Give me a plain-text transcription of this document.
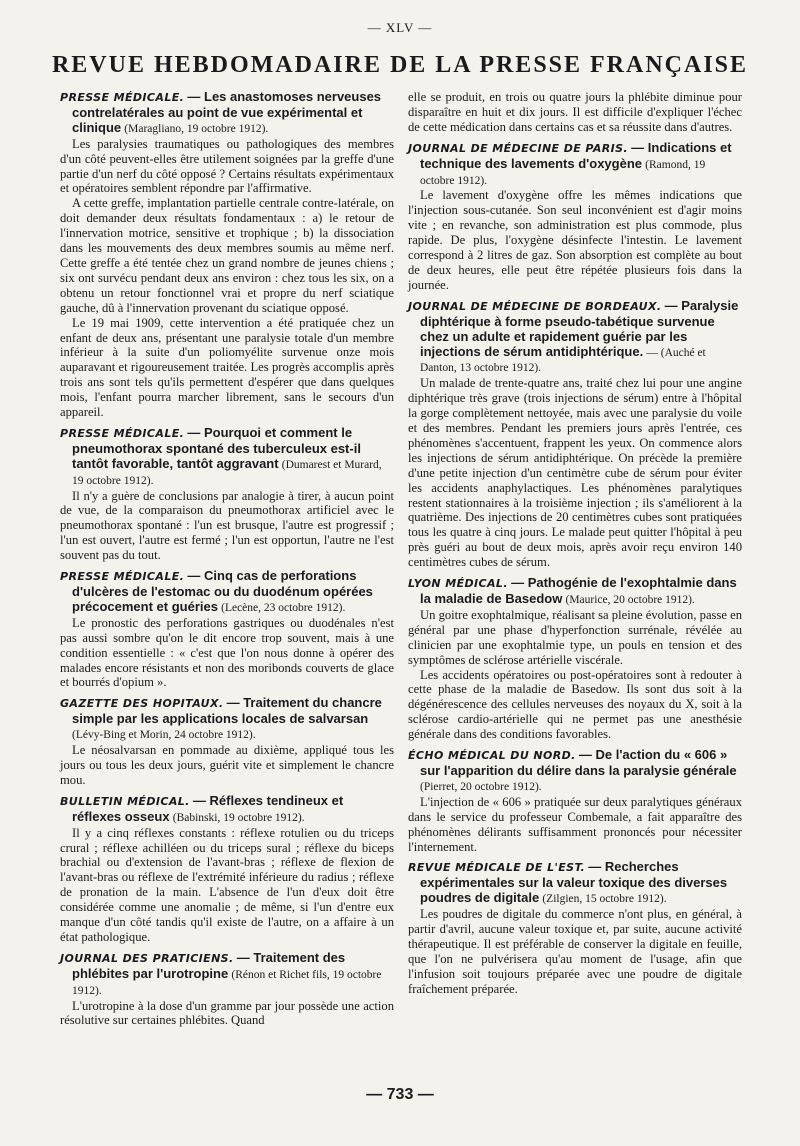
— XLV —
REVUE HEBDOMADAIRE DE LA PRESSE FRANÇAISE
PRESSE MÉDICALE. — Les anastomoses nerveuses contrelatérales au point de vue expérimental et clinique (Maragliano, 19 octobre 1912).

Les paralysies traumatiques ou pathologiques des membres d'un côté peuvent-elles être utilement soignées par la greffe d'une partie d'un nerf du côté opposé ? Certains résultats expérimentaux et opératoires semblent répondre par l'affirmative.

A cette greffe, implantation partielle centrale contre-latérale, on doit demander deux résultats fondamentaux : a) le retour de l'innervation motrice, sensitive et trophique ; b) la dissociation dans les mouvements des deux membres soumis au même nerf. Cette greffe a été tentée chez un grand nombre de jeunes chiens ; six ont survécu pendant deux ans environ : chez tous les six, on a obtenu un retour fonctionnel vrai et propre du nerf sciatique gauche, dû à l'innervation provenant du sciatique opposé.

Le 19 mai 1909, cette intervention a été pratiquée chez un enfant de deux ans, présentant une paralysie totale d'un membre inférieur à la suite d'un poliomyélite survenue onze mois auparavant et rigoureusement traitée. Les progrès accomplis après trois ans sont tels qu'ils permettent d'espérer que dans quelques mois, l'enfant pourra marcher librement, sans le secours d'un appareil.

PRESSE MÉDICALE. — Pourquoi et comment le pneumothorax spontané des tuberculeux est-il tantôt favorable, tantôt aggravant (Dumarest et Murard, 19 octobre 1912).

Il n'y a guère de conclusions par analogie à tirer, à aucun point de vue, de la comparaison du pneumothorax artificiel avec le pneumothorax spontané : l'un est brusque, l'autre est progressif ; l'un est ouvert, l'autre est fermé ; l'un est opportun, l'autre ne l'est souvent pas du tout.

PRESSE MÉDICALE. — Cinq cas de perforations d'ulcères de l'estomac ou du duodénum opérées précocement et guéries (Lecène, 23 octobre 1912).

Le pronostic des perforations gastriques ou duodénales n'est pas aussi sombre qu'on le dit encore trop souvent, mais à une condition essentielle : « c'est que l'on nous donne à opérer des malades encore résistants et non des moribonds couverts de glace et bourrés d'opium ».

GAZETTE DES HOPITAUX. — Traitement du chancre simple par les applications locales de salvarsan (Lévy-Bing et Morin, 24 octobre 1912).

Le néosalvarsan en pommade au dixième, appliqué tous les jours ou tous les deux jours, guérit vite et simplement le chancre mou.

BULLETIN MÉDICAL. — Réflexes tendineux et réflexes osseux (Babinski, 19 octobre 1912).

Il y a cinq réflexes constants : réflexe rotulien ou du triceps crural ; réflexe achilléen ou du triceps sural ; réflexe du biceps brachial ou d'extension de l'avant-bras ; réflexe de flexion de l'avant-bras ou réflexe de l'extrémité inférieure du radius ; réflexe de pronation de la main. L'absence de l'un d'eux doit être considérée comme une anomalie ; de même, si l'un d'entre eux manque d'un côté tandis qu'il existe de l'autre, on a affaire à un état pathologique.

JOURNAL DES PRATICIENS. — Traitement des phlébites par l'urotropine (Rénon et Richet fils, 19 octobre 1912).

L'urotropine à la dose d'un gramme par jour possède une action résolutive sur certaines phlébites. Quand

elle se produit, en trois ou quatre jours la phlébite diminue pour disparaître en huit et dix jours. Il est difficile d'expliquer l'échec de cette médication dans certains cas et sa réussite dans d'autres.

JOURNAL DE MÉDECINE DE PARIS. — Indications et technique des lavements d'oxygène (Ramond, 19 octobre 1912).

Le lavement d'oxygène offre les mêmes indications que l'injection sous-cutanée. Son seul inconvénient est d'agir moins vite ; en revanche, son administration est plus commode, plus rapide. De plus, l'oxygène désinfecte l'intestin. Le lavement correspond à 2 litres de gaz. Son absorption est complète au bout de deux heures, elle peut être répétée plusieurs fois dans la journée.

JOURNAL DE MÉDECINE DE BORDEAUX. — Paralysie diphtérique à forme pseudo-tabétique survenue chez un adulte et rapidement guérie par les injections de sérum antidiphtérique. — (Auché et Danton, 13 octobre 1912).

Un malade de trente-quatre ans, traité chez lui pour une angine diphtérique très grave (trois injections de sérum) entre à l'hôpital la gorge complètement nettoyée, mais avec une paralysie du voile et des membres. Pendant les premiers jours après l'entrée, ces phénomènes s'accentuent, frappent les yeux. On commence alors les injections de sérum antidiphtérique. On précède la première d'une petite injection d'un centimètre cube de sérum pour éviter les accidents anaphylactiques. Les phénomènes paralytiques restent stationnaires à la troisième injection ; ils s'améliorent à la quatrième. Des injections de 20 centimètres cubes sont pratiquées tous les quatre à cinq jours. Le malade peut quitter l'hôpital à peu près guéri au bout de deux mois, après avoir reçu environ 140 centimètres cubes de sérum.

LYON MÉDICAL. — Pathogénie de l'exophtalmie dans la maladie de Basedow (Maurice, 20 octobre 1912).

Un goitre exophtalmique, réalisant sa pleine évolution, passe en général par une phase d'hyperfonction surrénale, révélée au clinicien par une exophtalmie type, un pouls en tension et des symptômes de sclérose artérielle viscérale.

Les accidents opératoires ou post-opératoires sont à redouter à cette phase de la maladie de Basedow. Ils sont dus soit à la dégénérescence des cellules nerveuses des noyaux du X, soit à la sclérose cardio-artérielle qui ne permet pas une anesthésie générale dans des conditions favorables.

ÉCHO MÉDICAL DU NORD. — De l'action du « 606 » sur l'apparition du délire dans la paralysie générale (Pierret, 20 octobre 1912).

L'injection de « 606 » pratiquée sur deux paralytiques généraux dans le service du professeur Combemale, a fait apparaître des phénomènes délirants suffisamment prononcés pour nécessiter l'internement.

REVUE MÉDICALE DE L'EST. — Recherches expérimentales sur la valeur toxique des diverses poudres de digitale (Zilgien, 15 octobre 1912).

Les poudres de digitale du commerce n'ont plus, en général, à partir d'avril, aucune valeur toxique et, par suite, aucune activité thérapeutique. Il est préférable de conserver la digitale en feuille, que l'on ne pulvérisera qu'au moment de l'usage, afin que l'infusion soit toujours préparée avec une poudre de digitale fraîchement préparée.

— 733 —
